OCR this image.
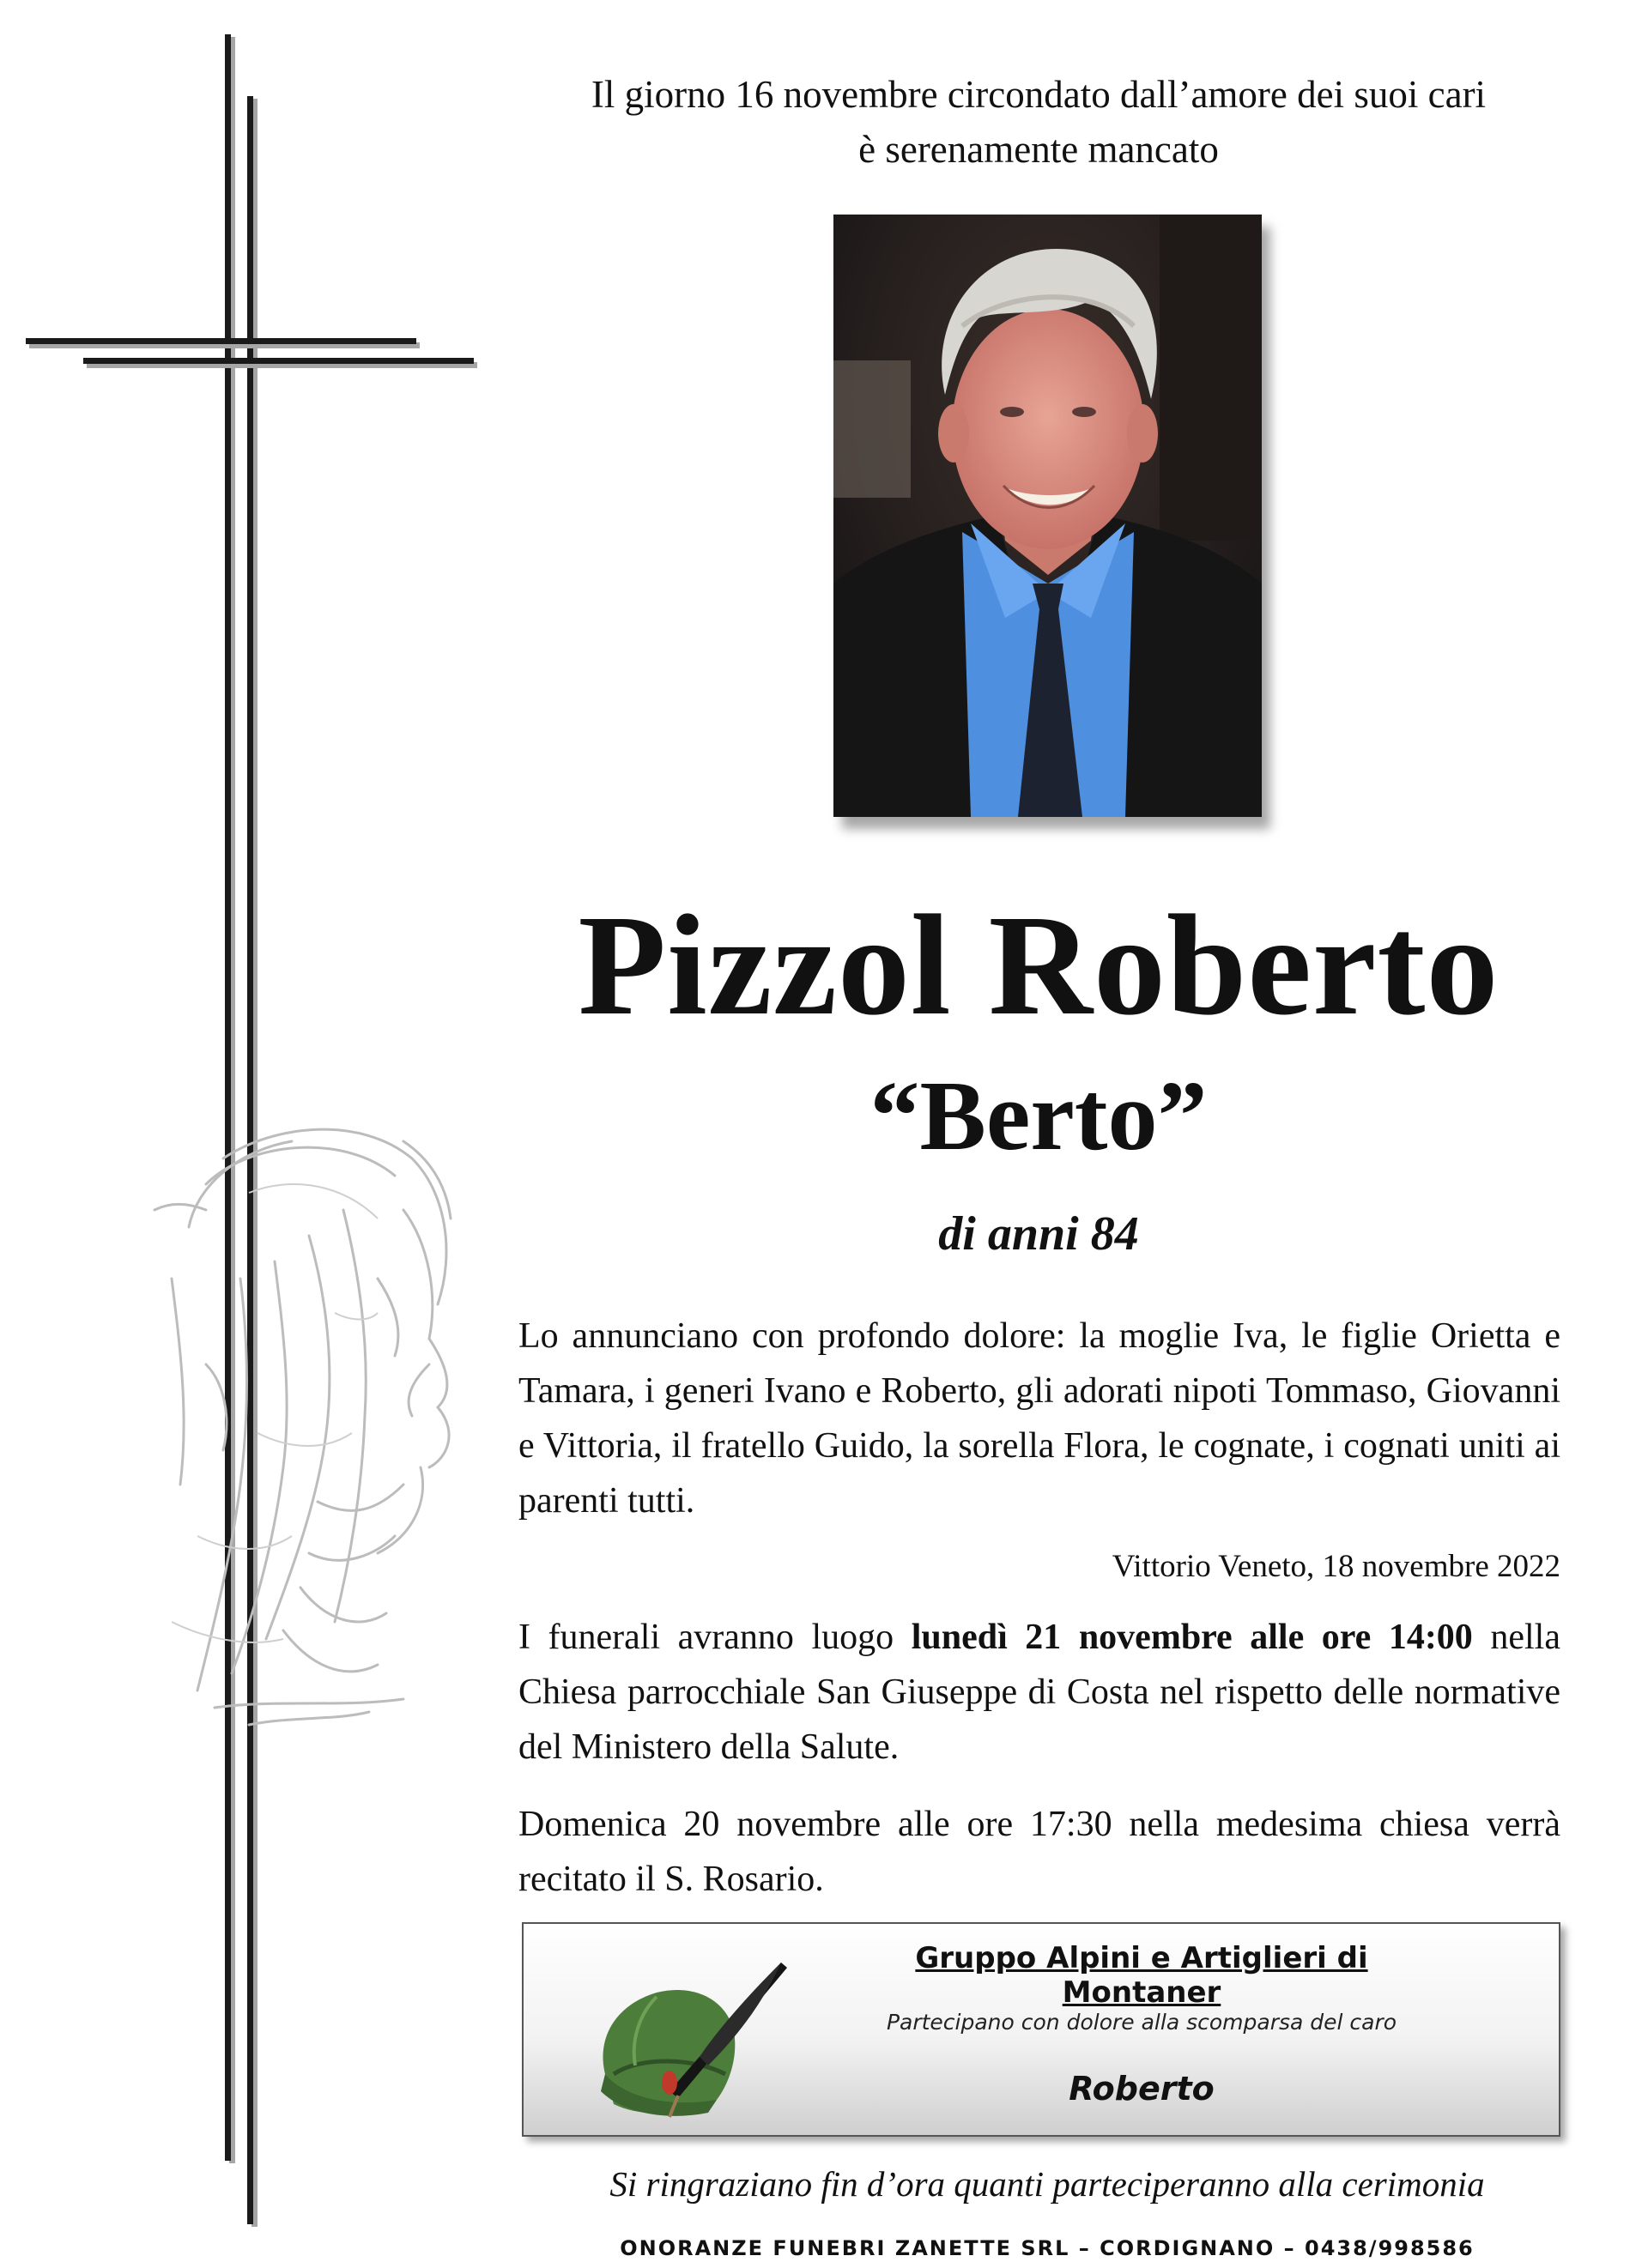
Il giorno 16 novembre circondato dall’amore dei suoi cari
è serenamente mancato
Pizzol Roberto
“Berto”
di anni 84
Lo annunciano con profondo dolore: la moglie Iva, le figlie Orietta e Tamara, i generi Ivano e Roberto, gli adorati nipoti Tommaso, Giovanni e Vittoria, il fratello Guido, la sorella Flora, le cognate, i cognati uniti ai parenti tutti.
Vittorio Veneto, 18 novembre 2022
I funerali avranno luogo lunedì 21 novembre alle ore 14:00 nella Chiesa parrocchiale San Giuseppe di Costa nel rispetto delle normative del Ministero della Salute.
Domenica 20 novembre alle ore 17:30 nella medesima chiesa verrà recitato il S. Rosario.
Gruppo Alpini e Artiglieri di Montaner
Partecipano con dolore alla scomparsa del caro
Roberto
Si ringraziano fin d’ora quanti parteciperanno alla cerimonia
ONORANZE FUNEBRI ZANETTE SRL – CORDIGNANO – 0438/998586
